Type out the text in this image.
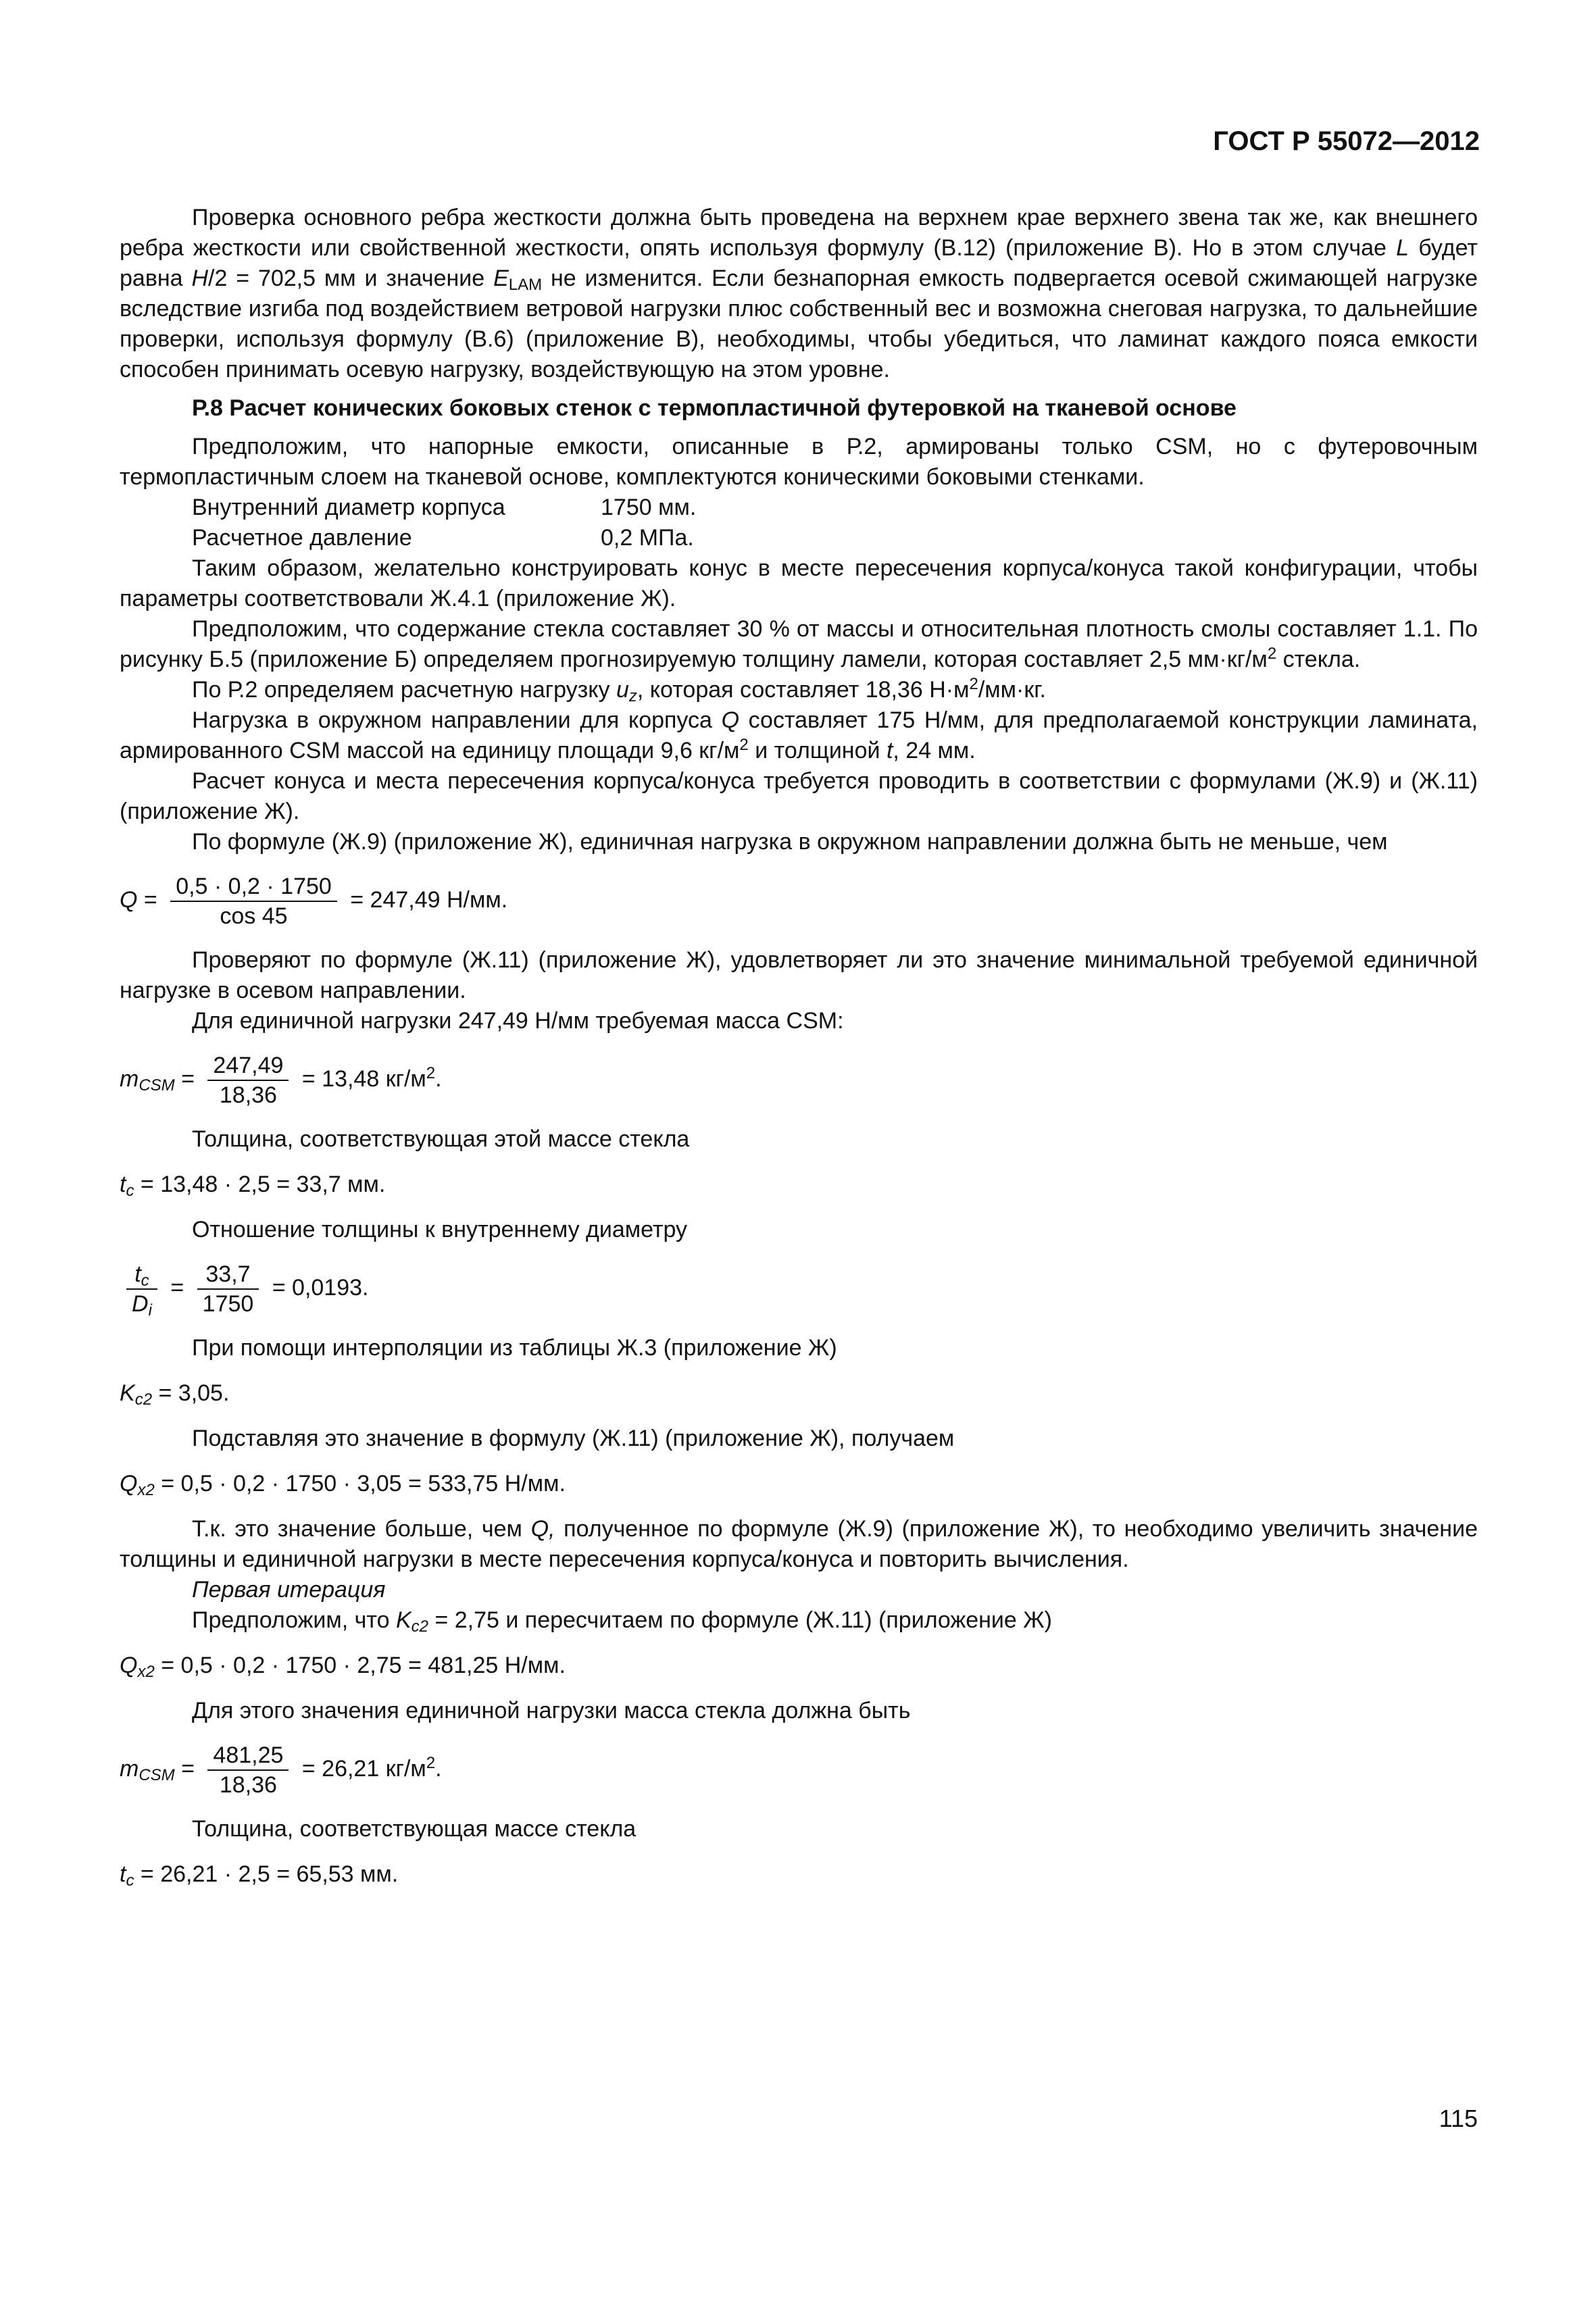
ГОСТ Р 55072—2012

Проверка основного ребра жесткости должна быть проведена на верхнем крае верхнего звена так же, как внешнего ребра жесткости или свойственной жесткости, опять используя формулу (В.12) (приложение В). Но в этом случае L будет равна H/2 = 702,5 мм и значение $E_{LAM}$ не изменится. Если безнапорная емкость подвергается осевой сжимающей нагрузке вследствие изгиба под воздействием ветровой нагрузки плюс собственный вес и возможна снеговая нагрузка, то дальнейшие проверки, используя формулу (В.6) (приложение В), необходимы, чтобы убедиться, что ламинат каждого пояса емкости способен принимать осевую нагрузку, воздействующую на этом уровне.

Р.8 Расчет конических боковых стенок с термопластичной футеровкой на тканевой основе

Предположим, что напорные емкости, описанные в Р.2, армированы только CSM, но с футеровочным термопластичным слоем на тканевой основе, комплектуются коническими боковыми стенками.

Внутренний диаметр корпуса	1750 мм.
Расчетное давление	0,2 МПа.

Таким образом, желательно конструировать конус в месте пересечения корпуса/конуса такой конфигурации, чтобы параметры соответствовали Ж.4.1 (приложение Ж).

Предположим, что содержание стекла составляет 30 % от массы и относительная плотность смолы составляет 1.1. По рисунку Б.5 (приложение Б) определяем прогнозируемую толщину ламели, которая составляет 2,5 $мм\cdot кг/м^2$ стекла.

По Р.2 определяем расчетную нагрузку $u_z$, которая составляет 18,36 $Н\cdot м^2/мм\cdot кг$.

Нагрузка в окружном направлении для корпуса Q составляет 175 Н/мм, для предполагаемой конструкции ламината, армированного CSM массой на единицу площади 9,6 $кг/м^2$ и толщиной t, 24 мм.

Расчет конуса и места пересечения корпуса/конуса требуется проводить в соответствии с формулами (Ж.9) и (Ж.11) (приложение Ж).

По формуле (Ж.9) (приложение Ж), единичная нагрузка в окружном направлении должна быть не меньше, чем

$Q = \frac{0,5 \cdot 0,2 \cdot 1750}{\cos 45} = 247,49$ Н/мм.

Проверяют по формуле (Ж.11) (приложение Ж), удовлетворяет ли это значение минимальной требуемой единичной нагрузке в осевом направлении.

Для единичной нагрузки 247,49 Н/мм требуемая масса CSM:

$m_{CSM} = \frac{247,49}{18,36} = 13,48$ $кг/м^2$.

Толщина, соответствующая этой массе стекла

$t_c = 13,48 \cdot 2,5 = 33,7$ мм.

Отношение толщины к внутреннему диаметру

$\frac{t_c}{D_i} = \frac{33,7}{1750} = 0,0193$.

При помощи интерполяции из таблицы Ж.3 (приложение Ж)

$K_{c2} = 3,05$.

Подставляя это значение в формулу (Ж.11) (приложение Ж), получаем

$Q_{x2} = 0,5 \cdot 0,2 \cdot 1750 \cdot 3,05 = 533,75$ Н/мм.

Т.к. это значение больше, чем Q, полученное по формуле (Ж.9) (приложение Ж), то необходимо увеличить значение толщины и единичной нагрузки в месте пересечения корпуса/конуса и повторить вычисления.

Первая итерация

Предположим, что $K_{c2} = 2,75$ и пересчитаем по формуле (Ж.11) (приложение Ж)

$Q_{x2} = 0,5 \cdot 0,2 \cdot 1750 \cdot 2,75 = 481,25$ Н/мм.

Для этого значения единичной нагрузки масса стекла должна быть

$m_{CSM} = \frac{481,25}{18,36} = 26,21$ $кг/м^2$.

Толщина, соответствующая массе стекла

$t_c = 26,21 \cdot 2,5 = 65,53$ мм.

115
